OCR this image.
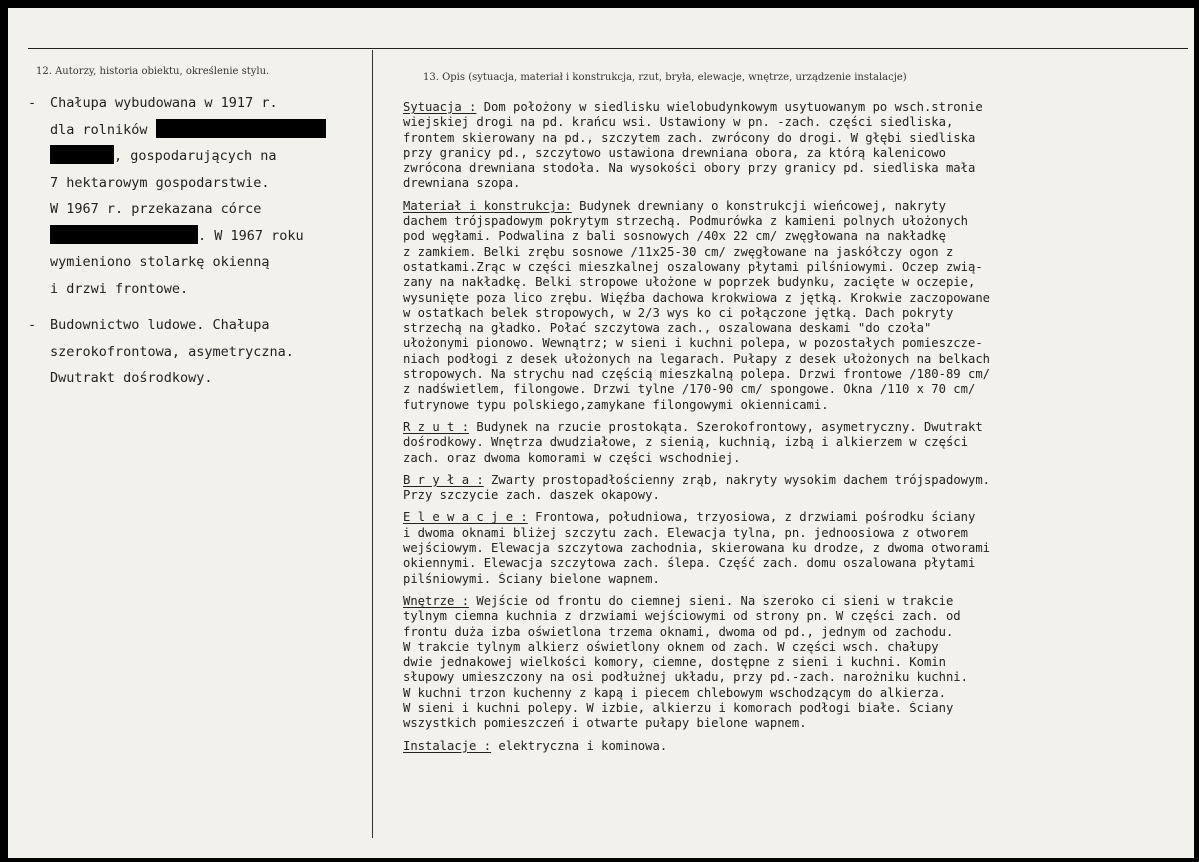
12. Autorzy, historia obiektu, określenie stylu.
13. Opis (sytuacja, materiał i konstrukcja, rzut, bryła, elewacje, wnętrze, urządzenie instalacje)
-	Chałupa wybudowana w 1917 r.
dla rolników
, gospodarujących na
7 hektarowym gospodarstwie.
W 1967 r. przekazana córce
. W 1967 roku
wymieniono stolarkę okienną
i drzwi frontowe.
-	Budownictwo ludowe. Chałupa
szerokofrontowa, asymetryczna.
Dwutrakt dośrodkowy.
Sytuacja : Dom położony w siedlisku wielobudynkowym usytuowanym po wsch.stronie
wiejskiej drogi na pd. krańcu wsi. Ustawiony w pn. -zach. części siedliska,
frontem skierowany na pd., szczytem zach. zwrócony do drogi. W głębi siedliska
przy granicy pd., szczytowo ustawiona drewniana obora, za którą kalenicowo
zwrócona drewniana stodoła. Na wysokości obory przy granicy pd. siedliska mała
drewniana szopa.
Materiał i konstrukcja: Budynek drewniany o konstrukcji wieńcowej, nakryty
dachem trójspadowym pokrytym strzechą. Podmurówka z kamieni polnych ułożonych
pod węgłami. Podwalina z bali sosnowych /40x 22 cm/ zwęgłowana na nakładkę
z zamkiem. Belki zrębu sosnowe /11x25-30 cm/ zwęgłowane na jaskółczy ogon z
ostatkami.Zrąc w części mieszkalnej oszalowany płytami pilśniowymi. Oczep zwią-
zany na nakładkę. Belki stropowe ułożone w poprzek budynku, zacięte w oczepie,
wysunięte poza lico zrębu. Więźba dachowa krokwiowa z jętką. Krokwie zaczopowane
w ostatkach belek stropowych, w 2/3 wys ko ci połączone jętką. Dach pokryty
strzechą na gładko. Połać szczytowa zach., oszalowana deskami "do czoła"
ułożonymi pionowo. Wewnątrz; w sieni i kuchni polepa, w pozostałych pomieszcze-
niach podłogi z desek ułożonych na legarach. Pułapy z desek ułożonych na belkach
stropowych. Na strychu nad częścią mieszkalną polepa. Drzwi frontowe /180-89 cm/
z nadświetlem, filongowe. Drzwi tylne /170-90 cm/ spongowe. Okna /110 x 70 cm/
futrynowe typu polskiego,zamykane filongowymi okiennicami.
R z u t : Budynek na rzucie prostokąta. Szerokofrontowy, asymetryczny. Dwutrakt
dośrodkowy. Wnętrza dwudziałowe, z sienią, kuchnią, izbą i alkierzem w części
zach. oraz dwoma komorami w części wschodniej.
B r y ł a : Zwarty prostopadłościenny zrąb, nakryty wysokim dachem trójspadowym.
Przy szczycie zach. daszek okapowy.
E l e w a c j e : Frontowa, południowa, trzyosiowa, z drzwiami pośrodku ściany
i dwoma oknami bliżej szczytu zach. Elewacja tylna, pn. jednoosiowa z otworem
wejściowym. Elewacja szczytowa zachodnia, skierowana ku drodze, z dwoma otworami
okiennymi. Elewacja szczytowa zach. ślepa. Część zach. domu oszalowana płytami
pilśniowymi. Ściany bielone wapnem.
Wnętrze : Wejście od frontu do ciemnej sieni. Na szeroko ci sieni w trakcie
tylnym ciemna kuchnia z drzwiami wejściowymi od strony pn. W części zach. od
frontu duża izba oświetlona trzema oknami, dwoma od pd., jednym od zachodu.
W trakcie tylnym alkierz oświetlony oknem od zach. W części wsch. chałupy
dwie jednakowej wielkości komory, ciemne, dostępne z sieni i kuchni. Komin
słupowy umieszczony na osi podłużnej układu, przy pd.-zach. narożniku kuchni.
W kuchni trzon kuchenny z kapą i piecem chlebowym wschodzącym do alkierza.
W sieni i kuchni polepy. W izbie, alkierzu i komorach podłogi białe. Ściany
wszystkich pomieszczeń i otwarte pułapy bielone wapnem.
Instalacje : elektryczna i kominowa.
